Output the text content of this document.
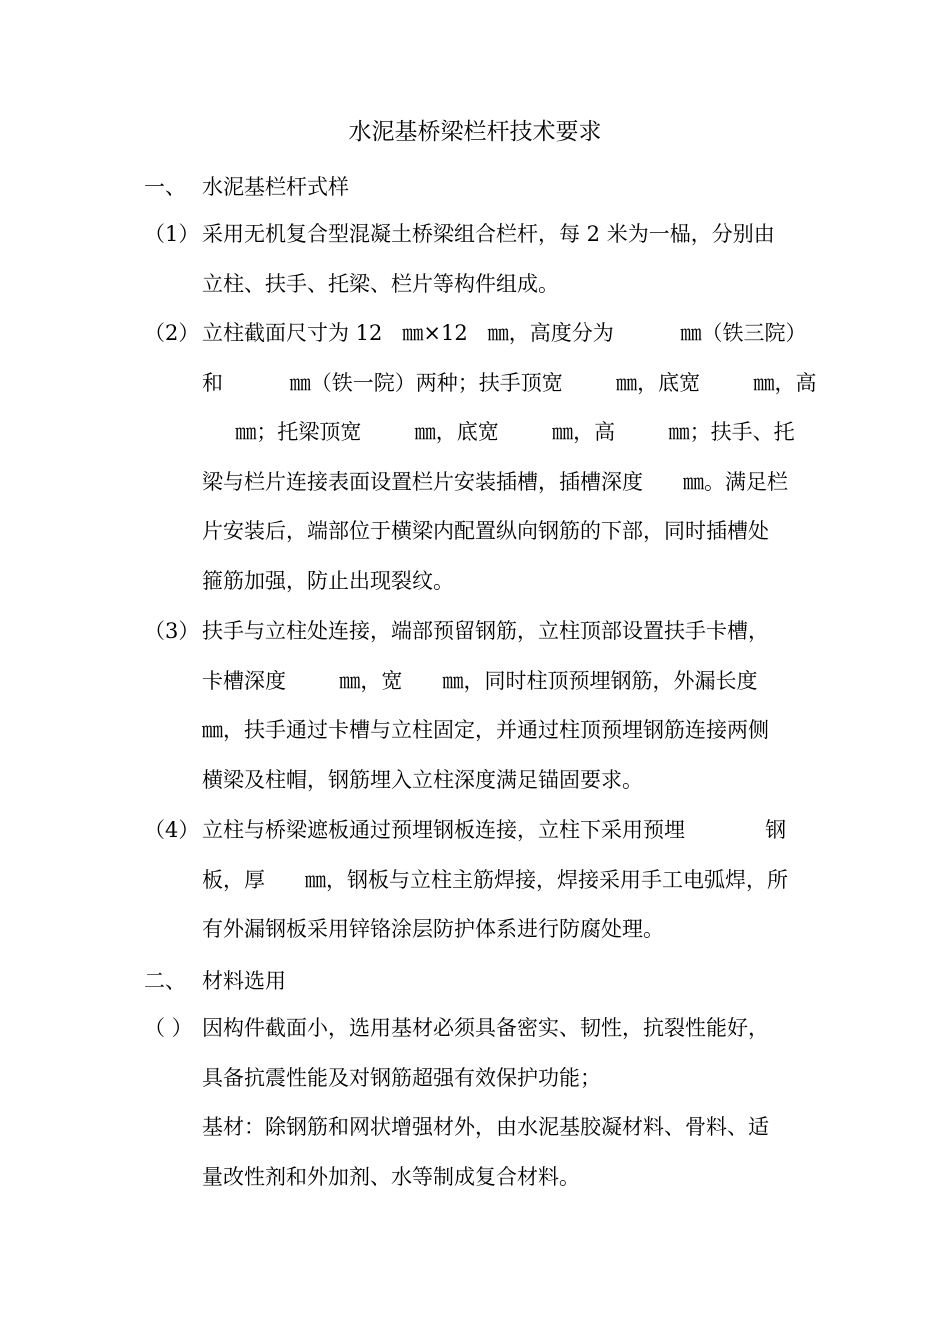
水泥基桥梁栏杆技术要求
一、 水泥基栏杆式样
（1） 采用无机复合型混凝土桥梁组合栏杆，每 2 米为一榀，分别由
立柱、扶手、托梁、栏片等构件组成。
（2） 立柱截面尺寸为 12   ㎜×12   ㎜，高度分为          ㎜（铁三院）
和          ㎜（铁一院）两种；扶手顶宽        ㎜，底宽        ㎜，高
㎜；托梁顶宽        ㎜，底宽        ㎜，高        ㎜；扶手、托
梁与栏片连接表面设置栏片安装插槽，插槽深度      ㎜。满足栏
片安装后，端部位于横梁内配置纵向钢筋的下部，同时插槽处
箍筋加强，防止出现裂纹。
（3） 扶手与立柱处连接，端部预留钢筋，立柱顶部设置扶手卡槽，
卡槽深度        ㎜，宽      ㎜，同时柱顶预埋钢筋，外漏长度
㎜，扶手通过卡槽与立柱固定，并通过柱顶预埋钢筋连接两侧
横梁及柱帽，钢筋埋入立柱深度满足锚固要求。
（4） 立柱与桥梁遮板通过预埋钢板连接，立柱下采用预埋            钢
板，厚      ㎜，钢板与立柱主筋焊接，焊接采用手工电弧焊，所
有外漏钢板采用锌铬涂层防护体系进行防腐处理。
二、 材料选用
（ ） 因构件截面小，选用基材必须具备密实、韧性，抗裂性能好，
具备抗震性能及对钢筋超强有效保护功能；
基材：除钢筋和网状增强材外，由水泥基胶凝材料、骨料、适
量改性剂和外加剂、水等制成复合材料。
